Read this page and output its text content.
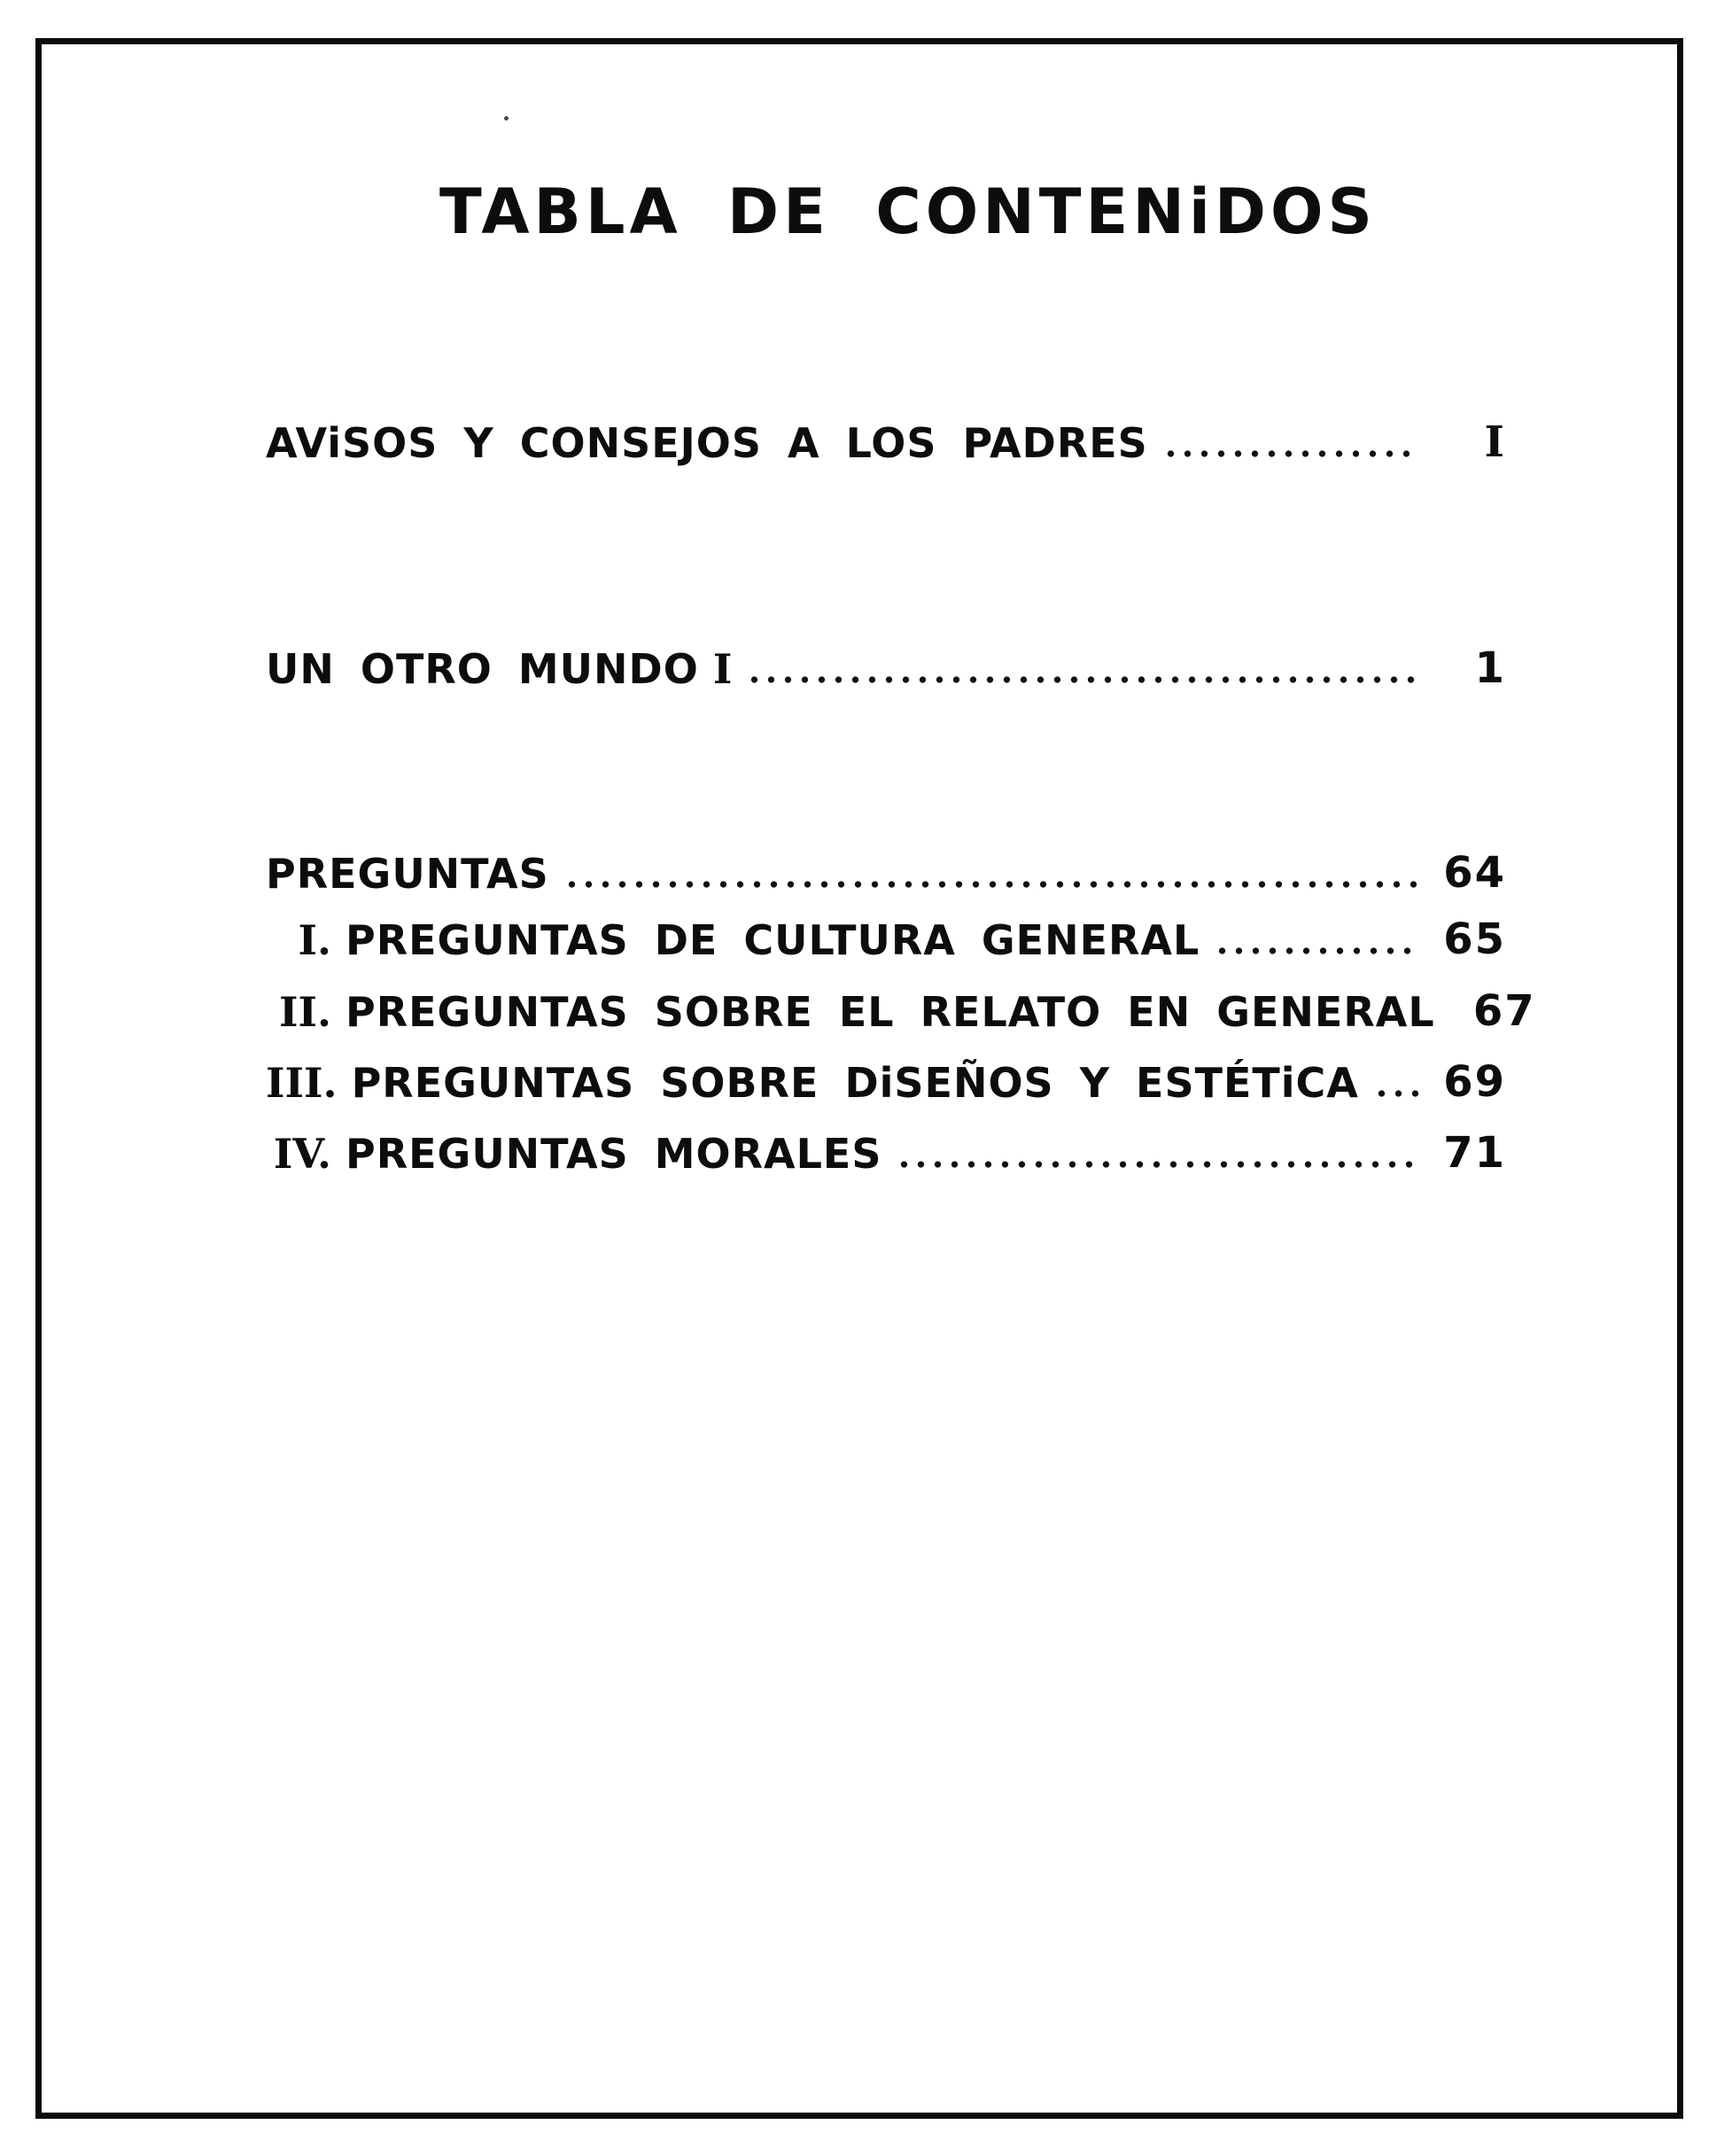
TABLA DE CONTENiDOS
AViSOS Y CONSEJOS A LOS PADRES	I
UN OTRO MUNDO I	1
PREGUNTAS	64
I. PREGUNTAS DE CULTURA GENERAL	65
II. PREGUNTAS SOBRE EL RELATO EN GENERAL 67
III. PREGUNTAS SOBRE DiSEÑOS Y ESTÉTiCA 69
IV. PREGUNTAS MORALES	71
